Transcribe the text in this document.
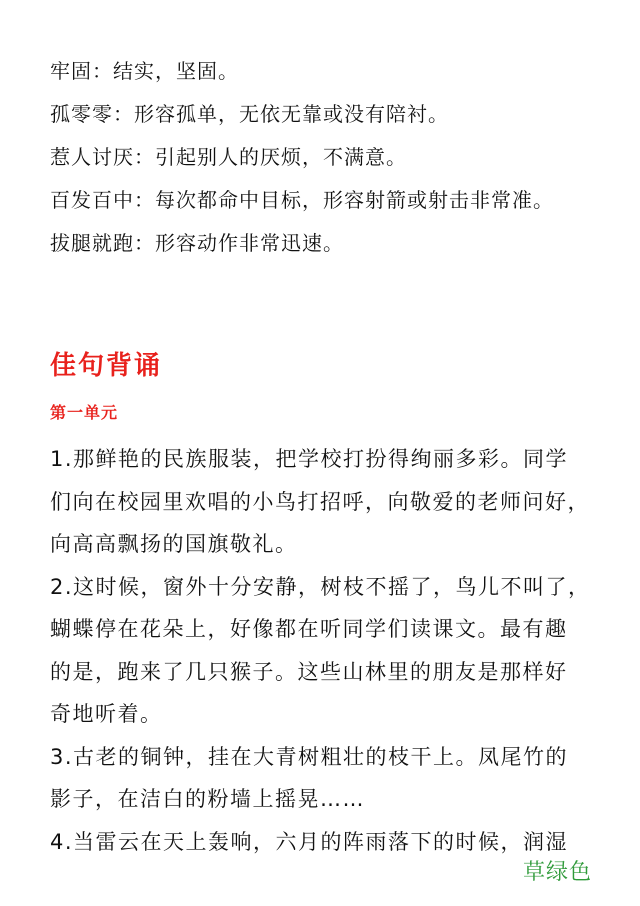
牢固：结实，坚固。
孤零零：形容孤单，无依无靠或没有陪衬。
惹人讨厌：引起别人的厌烦，不满意。
百发百中：每次都命中目标，形容射箭或射击非常准。
拔腿就跑：形容动作非常迅速。
佳句背诵
第一单元
1.那鲜艳的民族服装，把学校打扮得绚丽多彩。同学
们向在校园里欢唱的小鸟打招呼，向敬爱的老师问好，
向高高飘扬的国旗敬礼。
2.这时候，窗外十分安静，树枝不摇了，鸟儿不叫了，
蝴蝶停在花朵上，好像都在听同学们读课文。最有趣
的是，跑来了几只猴子。这些山林里的朋友是那样好
奇地听着。
3.古老的铜钟，挂在大青树粗壮的枝干上。凤尾竹的
影子，在洁白的粉墙上摇晃……
4.当雷云在天上轰响，六月的阵雨落下的时候，润湿
草绿色
